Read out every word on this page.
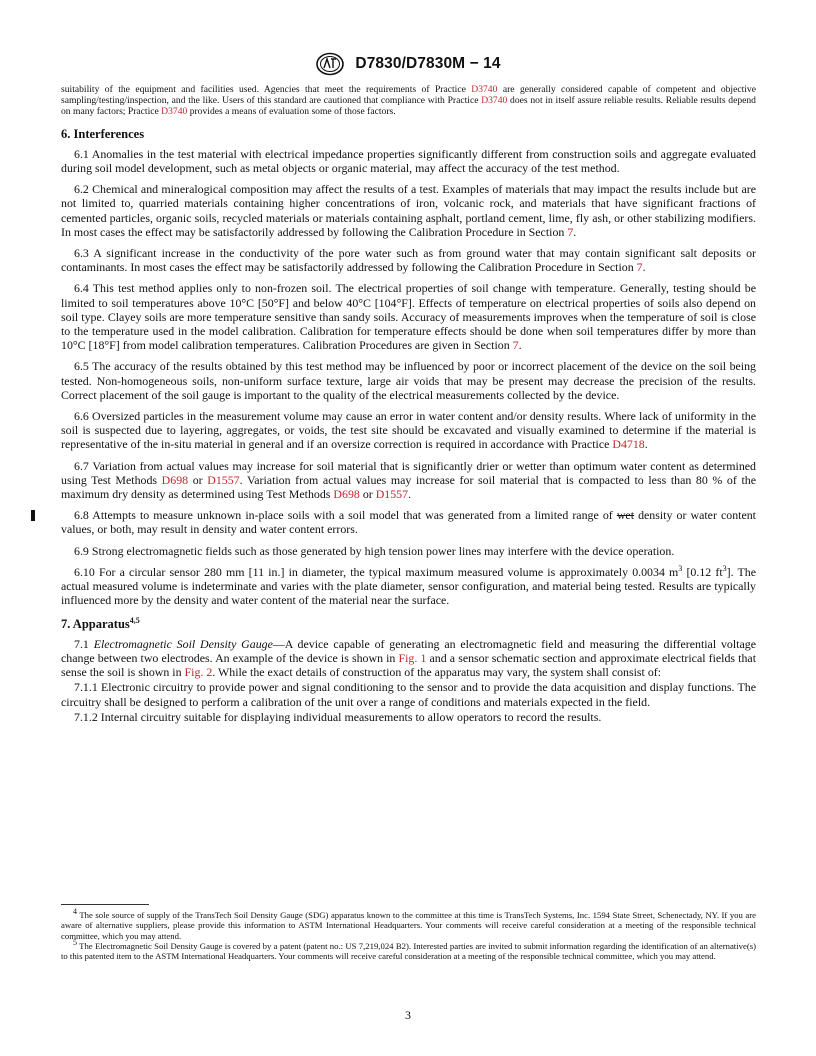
D7830/D7830M − 14

suitability of the equipment and facilities used. Agencies that meet the requirements of Practice D3740 are generally considered capable of competent and objective sampling/testing/inspection, and the like. Users of this standard are cautioned that compliance with Practice D3740 does not in itself assure reliable results. Reliable results depend on many factors; Practice D3740 provides a means of evaluation some of those factors.

6. Interferences

6.1 Anomalies in the test material with electrical impedance properties significantly different from construction soils and aggregate evaluated during soil model development, such as metal objects or organic material, may affect the accuracy of the test method.

6.2 Chemical and mineralogical composition may affect the results of a test. Examples of materials that may impact the results include but are not limited to, quarried materials containing higher concentrations of iron, volcanic rock, and materials that have significant fractions of cemented particles, organic soils, recycled materials or materials containing asphalt, portland cement, lime, fly ash, or other stabilizing modifiers. In most cases the effect may be satisfactorily addressed by following the Calibration Procedure in Section 7.

6.3 A significant increase in the conductivity of the pore water such as from ground water that may contain significant salt deposits or contaminants. In most cases the effect may be satisfactorily addressed by following the Calibration Procedure in Section 7.

6.4 This test method applies only to non-frozen soil. The electrical properties of soil change with temperature. Generally, testing should be limited to soil temperatures above 10°C [50°F] and below 40°C [104°F]. Effects of temperature on electrical properties of soils also depend on soil type. Clayey soils are more temperature sensitive than sandy soils. Accuracy of measurements improves when the temperature of soil is close to the temperature used in the model calibration. Calibration for temperature effects should be done when soil temperatures differ by more than 10°C [18°F] from model calibration temperatures. Calibration Procedures are given in Section 7.

6.5 The accuracy of the results obtained by this test method may be influenced by poor or incorrect placement of the device on the soil being tested. Non-homogeneous soils, non-uniform surface texture, large air voids that may be present may decrease the precision of the results. Correct placement of the soil gauge is important to the quality of the electrical measurements collected by the device.

6.6 Oversized particles in the measurement volume may cause an error in water content and/or density results. Where lack of uniformity in the soil is suspected due to layering, aggregates, or voids, the test site should be excavated and visually examined to determine if the material is representative of the in-situ material in general and if an oversize correction is required in accordance with Practice D4718.

6.7 Variation from actual values may increase for soil material that is significantly drier or wetter than optimum water content as determined using Test Methods D698 or D1557. Variation from actual values may increase for soil material that is compacted to less than 80 % of the maximum dry density as determined using Test Methods D698 or D1557.

6.8 Attempts to measure unknown in-place soils with a soil model that was generated from a limited range of wet density or water content values, or both, may result in density and water content errors.

6.9 Strong electromagnetic fields such as those generated by high tension power lines may interfere with the device operation.

6.10 For a circular sensor 280 mm [11 in.] in diameter, the typical maximum measured volume is approximately 0.0034 $m^3$ [0.12 $ft^3$]. The actual measured volume is indeterminate and varies with the plate diameter, sensor configuration, and material being tested. Results are typically influenced more by the density and water content of the material near the surface.

7. Apparatus$^{4,5}$

7.1 Electromagnetic Soil Density Gauge—A device capable of generating an electromagnetic field and measuring the differential voltage change between two electrodes. An example of the device is shown in Fig. 1 and a sensor schematic section and approximate electrical fields that sense the soil is shown in Fig. 2. While the exact details of construction of the apparatus may vary, the system shall consist of:

7.1.1 Electronic circuitry to provide power and signal conditioning to the sensor and to provide the data acquisition and display functions. The circuitry shall be designed to perform a calibration of the unit over a range of conditions and materials expected in the field.

7.1.2 Internal circuitry suitable for displaying individual measurements to allow operators to record the results.

$^4$ The sole source of supply of the TransTech Soil Density Gauge (SDG) apparatus known to the committee at this time is TransTech Systems, Inc. 1594 State Street, Schenectady, NY. If you are aware of alternative suppliers, please provide this information to ASTM International Headquarters. Your comments will receive careful consideration at a meeting of the responsible technical committee, which you may attend.

$^5$ The Electromagnetic Soil Density Gauge is covered by a patent (patent no.: US 7,219,024 B2). Interested parties are invited to submit information regarding the identification of an alternative(s) to this patented item to the ASTM International Headquarters. Your comments will receive careful consideration at a meeting of the responsible technical committee, which you may attend.

3
